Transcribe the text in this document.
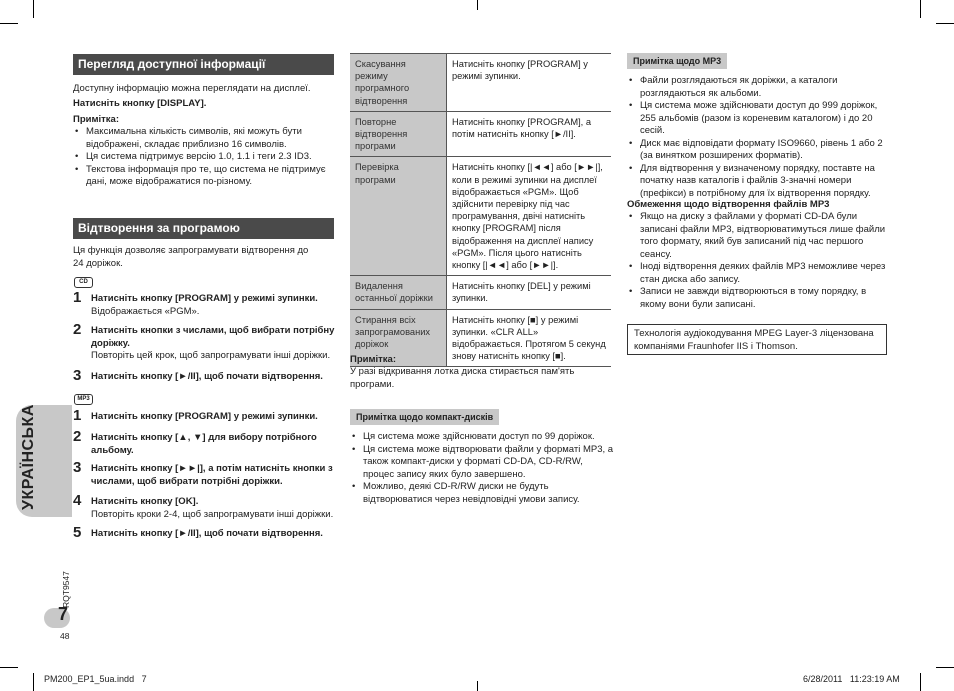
Перегляд доступної інформації
Доступну інформацію можна переглядати на дисплеї.
Натисніть кнопку [DISPLAY].
Примітка:
• Максимальна кількість символів, які можуть бути відображені, складає приблизно 16 символів.
• Ця система підтримує версію 1.0, 1.1 і теги 2.3 ID3.
• Текстова інформація про те, що система не підтримує дані, може відображатися по-різному.
Відтворення за програмою
Ця функція дозволяє запрограмувати відтворення до 24 доріжок.
CD
1 Натисніть кнопку [PROGRAM] у режимі зупинки.
Відображається «PGM».
2 Натисніть кнопки з числами, щоб вибрати потрібну доріжку.
Повторіть цей крок, щоб запрограмувати інші доріжки.
3 Натисніть кнопку [►/II], щоб почати відтворення.
MP3
1 Натисніть кнопку [PROGRAM] у режимі зупинки.
2 Натисніть кнопку [▲, ▼] для вибору потрібного альбому.
3 Натисніть кнопку [►►|], а потім натисніть кнопки з числами, щоб вибрати потрібні доріжки.
4 Натисніть кнопку [OK].
Повторіть кроки 2-4, щоб запрограмувати інші доріжки.
5 Натисніть кнопку [►/II], щоб почати відтворення.
УКРАЇНСЬКА
RQT9547
7
48
Скасування режиму програмного відтворення	Натисніть кнопку [PROGRAM] у режимі зупинки.
Повторне відтворення програми	Натисніть кнопку [PROGRAM], а потім натисніть кнопку [►/II].
Перевірка програми	Натисніть кнопку [|◄◄] або [►►|], коли в режимі зупинки на дисплеї відображається «PGM». Щоб здійснити перевірку під час програмування, двічі натисніть кнопку [PROGRAM] після відображення на дисплеї напису «PGM». Після цього натисніть кнопку [|◄◄] або [►►|].
Видалення останньої доріжки	Натисніть кнопку [DEL] у режимі зупинки.
Стирання всіх запрограмованих доріжок	Натисніть кнопку [■] у режимі зупинки. «CLR ALL» відображається. Протягом 5 секунд знову натисніть кнопку [■].
Примітка:
У разі відкривання лотка диска стирається пам'ять програми.
Примітка щодо компакт-дисків
• Ця система може здійснювати доступ по 99 доріжок.
• Ця система може відтворювати файли у форматі MP3, а також компакт-диски у форматі CD-DA, CD-R/RW, процес запису яких було завершено.
• Можливо, деякі CD-R/RW диски не будуть відтворюватися через невідповідні умови запису.
Примітка щодо MP3
• Файли розглядаються як доріжки, а каталоги розглядаються як альбоми.
• Ця система може здійснювати доступ до 999 доріжок, 255 альбомів (разом із кореневим каталогом) і до 20 сесій.
• Диск має відповідати формату ISO9660, рівень 1 або 2 (за винятком розширених форматів).
• Для відтворення у визначеному порядку, поставте на початку назв каталогів і файлів 3-значні номери (префікси) в потрібному для їх відтворення порядку.
Обмеження щодо відтворення файлів MP3
• Якщо на диску з файлами у форматі CD-DA були записані файли MP3, відтворюватимуться лише файли того формату, який був записаний під час першого сеансу.
• Іноді відтворення деяких файлів MP3 неможливе через стан диска або запису.
• Записи не завжди відтворюються в тому порядку, в якому вони були записані.
Технологія аудіокодування MPEG Layer-3 ліцензована компаніями Fraunhofer IIS і Thomson.
PM200_EP1_5ua.indd   7	6/28/2011   11:23:19 AM
